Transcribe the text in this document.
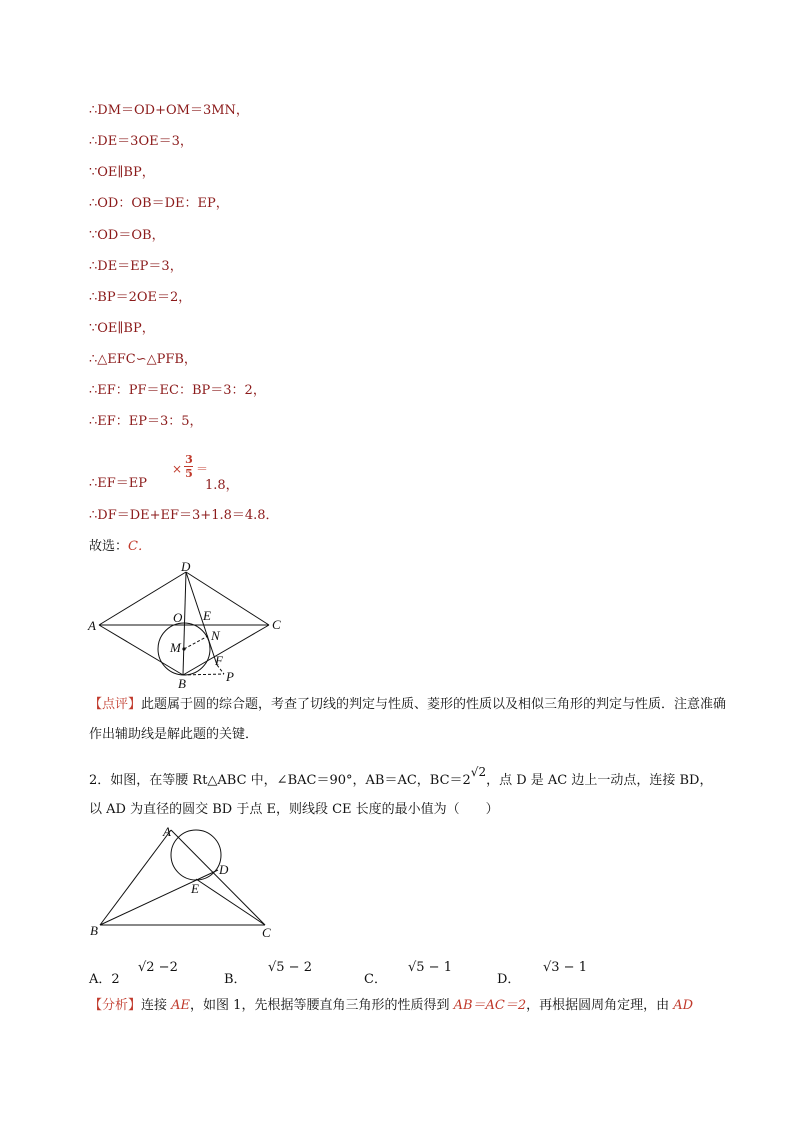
∴DM＝OD+OM＝3MN，
∴DE＝3OE＝3，
∵OE∥BP，
∴OD：OB＝DE：EP，
∵OD＝OB，
∴DE＝EP＝3，
∴BP＝2OE＝2，
∵OE∥BP，
∴△EFC∽△PFB，
∴EF：PF＝EC：BP＝3：2，
∴EF：EP＝3：5，
∴EF＝EP
×
3
5 ＝
1.8，
∴DF＝DE+EF＝3+1.8＝4.8．
故选：C．
D
A	C
O E
N
M
F
B	P
【点评】此题属于圆的综合题，考查了切线的判定与性质、菱形的性质以及相似三角形的判定与性质．注意准确作出辅助线是解此题的关键．
2．如图，在等腰 Rt△ABC 中，∠BAC＝90°，AB＝AC，BC＝2√2，点 D 是 AC 边上一动点，连接 BD，
以 AD 为直径的圆交 BD 于点 E，则线段 CE 长度的最小值为（　　）
A
D
E
B	C
A．2
√2 −2
B．
√5 − 2
C．
√5 − 1
D．
√3 − 1
【分析】连接 AE，如图 1，先根据等腰直角三角形的性质得到 AB＝AC＝2，再根据圆周角定理，由 AD
